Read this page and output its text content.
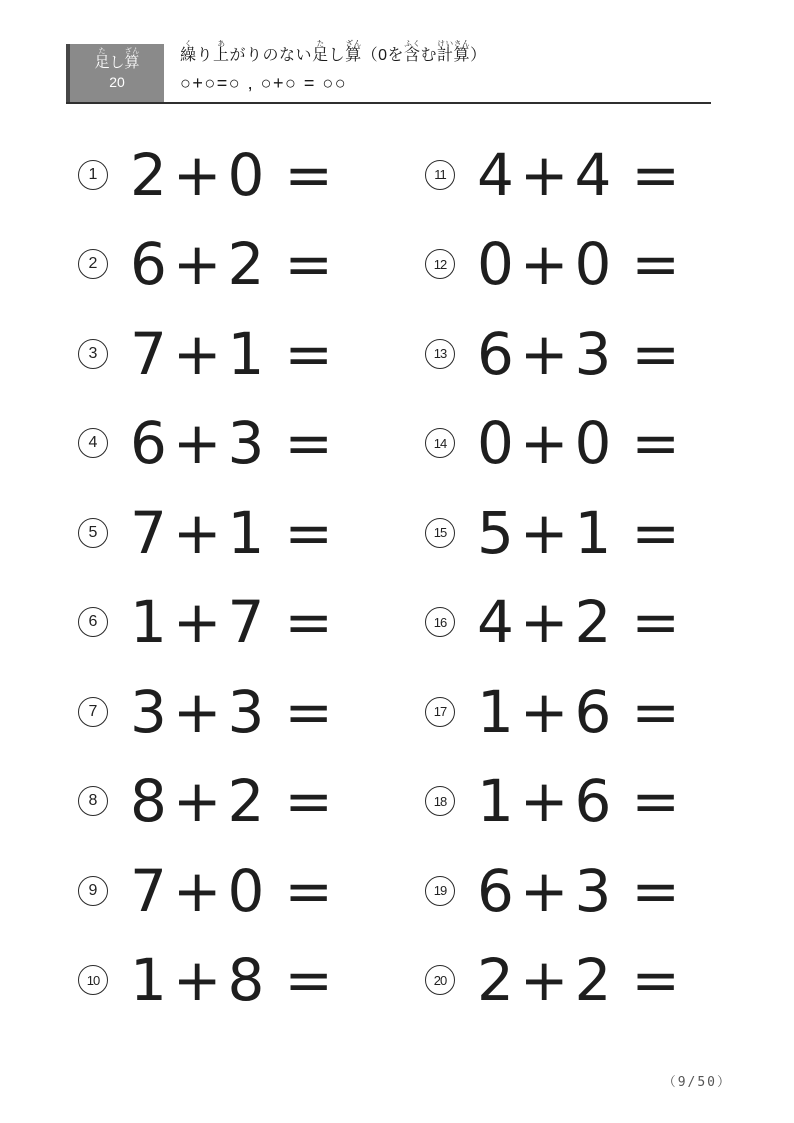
足たし算ざん
20
繰くり上あがりのない足たし算ざん（0を含ふくむ計算けいさん）
○+○=○ , ○+○ = ○○
1 2 + 0 =
2 6 + 2 =
3 7 + 1 =
4 6 + 3 =
5 7 + 1 =
6 1 + 7 =
7 3 + 3 =
8 8 + 2 =
9 7 + 0 =
10 1 + 8 =
11 4 + 4 =
12 0 + 0 =
13 6 + 3 =
14 0 + 0 =
15 5 + 1 =
16 4 + 2 =
17 1 + 6 =
18 1 + 6 =
19 6 + 3 =
20 2 + 2 =
（9/50）
